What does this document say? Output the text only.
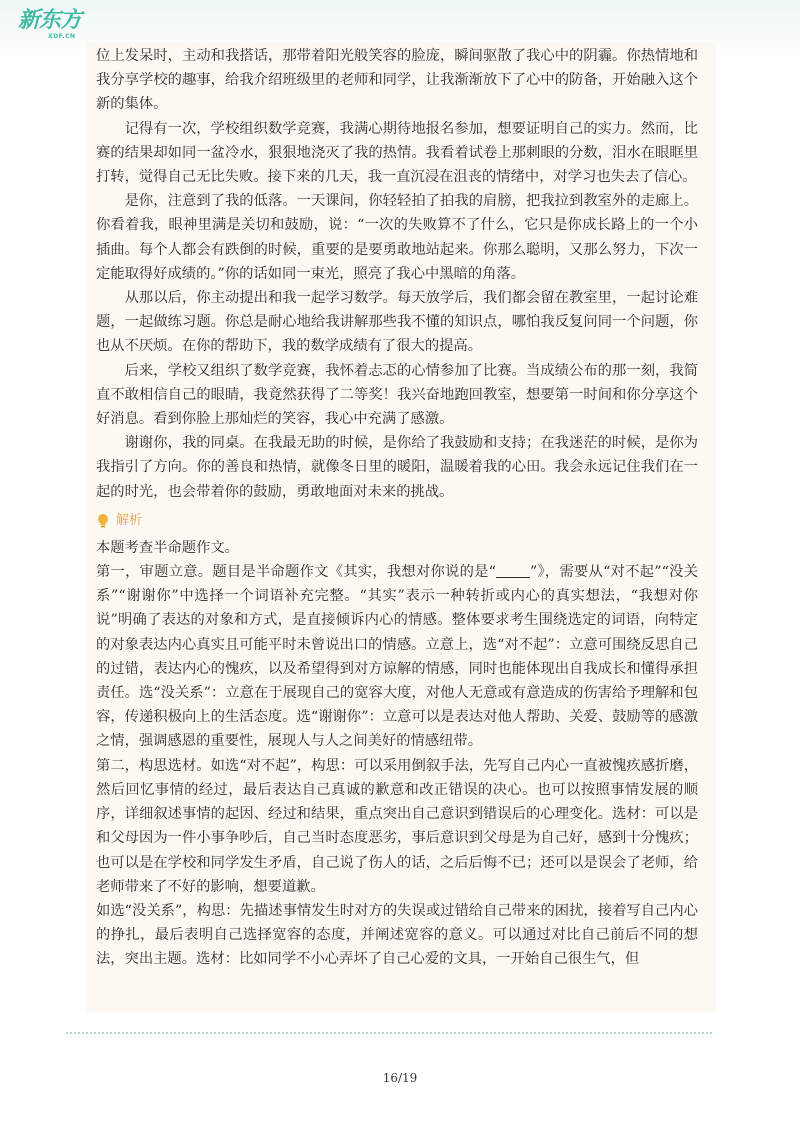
新东方
XDF.CN

位上发呆时，主动和我搭话，那带着阳光般笑容的脸庞，瞬间驱散了我心中的阴霾。你热情地和我分享学校的趣事，给我介绍班级里的老师和同学，让我渐渐放下了心中的防备，开始融入这个新的集体。

记得有一次，学校组织数学竞赛，我满心期待地报名参加，想要证明自己的实力。然而，比赛的结果却如同一盆冷水，狠狠地浇灭了我的热情。我看着试卷上那刺眼的分数，泪水在眼眶里打转，觉得自己无比失败。接下来的几天，我一直沉浸在沮丧的情绪中，对学习也失去了信心。

是你，注意到了我的低落。一天课间，你轻轻拍了拍我的肩膀，把我拉到教室外的走廊上。你看着我，眼神里满是关切和鼓励，说：“一次的失败算不了什么，它只是你成长路上的一个小插曲。每个人都会有跌倒的时候，重要的是要勇敢地站起来。你那么聪明，又那么努力，下次一定能取得好成绩的。”你的话如同一束光，照亮了我心中黑暗的角落。

从那以后，你主动提出和我一起学习数学。每天放学后，我们都会留在教室里，一起讨论难题，一起做练习题。你总是耐心地给我讲解那些我不懂的知识点，哪怕我反复问同一个问题，你也从不厌烦。在你的帮助下，我的数学成绩有了很大的提高。

后来，学校又组织了数学竞赛，我怀着忐忑的心情参加了比赛。当成绩公布的那一刻，我简直不敢相信自己的眼睛，我竟然获得了二等奖！我兴奋地跑回教室，想要第一时间和你分享这个好消息。看到你脸上那灿烂的笑容，我心中充满了感激。

谢谢你，我的同桌。在我最无助的时候，是你给了我鼓励和支持；在我迷茫的时候，是你为我指引了方向。你的善良和热情，就像冬日里的暖阳，温暖着我的心田。我会永远记住我们在一起的时光，也会带着你的鼓励，勇敢地面对未来的挑战。

解析

本题考查半命题作文。

第一，审题立意。题目是半命题作文《其实，我想对你说的是“ ”》，需要从“对不起”“没关系”“谢谢你”中选择一个词语补充完整。“其实”表示一种转折或内心的真实想法，“我想对你说”明确了表达的对象和方式，是直接倾诉内心的情感。整体要求考生围绕选定的词语，向特定的对象表达内心真实且可能平时未曾说出口的情感。立意上，选“对不起”：立意可围绕反思自己的过错，表达内心的愧疚，以及希望得到对方谅解的情感，同时也能体现出自我成长和懂得承担责任。选“没关系”：立意在于展现自己的宽容大度，对他人无意或有意造成的伤害给予理解和包容，传递积极向上的生活态度。选“谢谢你”：立意可以是表达对他人帮助、关爱、鼓励等的感激之情，强调感恩的重要性，展现人与人之间美好的情感纽带。

第二，构思选材。如选“对不起”，构思：可以采用倒叙手法，先写自己内心一直被愧疚感折磨，然后回忆事情的经过，最后表达自己真诚的歉意和改正错误的决心。也可以按照事情发展的顺序，详细叙述事情的起因、经过和结果，重点突出自己意识到错误后的心理变化。选材：可以是和父母因为一件小事争吵后，自己当时态度恶劣，事后意识到父母是为自己好，感到十分愧疚；也可以是在学校和同学发生矛盾，自己说了伤人的话，之后后悔不已；还可以是误会了老师，给老师带来了不好的影响，想要道歉。

如选“没关系”，构思：先描述事情发生时对方的失误或过错给自己带来的困扰，接着写自己内心的挣扎，最后表明自己选择宽容的态度，并阐述宽容的意义。可以通过对比自己前后不同的想法，突出主题。选材：比如同学不小心弄坏了自己心爱的文具，一开始自己很生气，但

16/19
